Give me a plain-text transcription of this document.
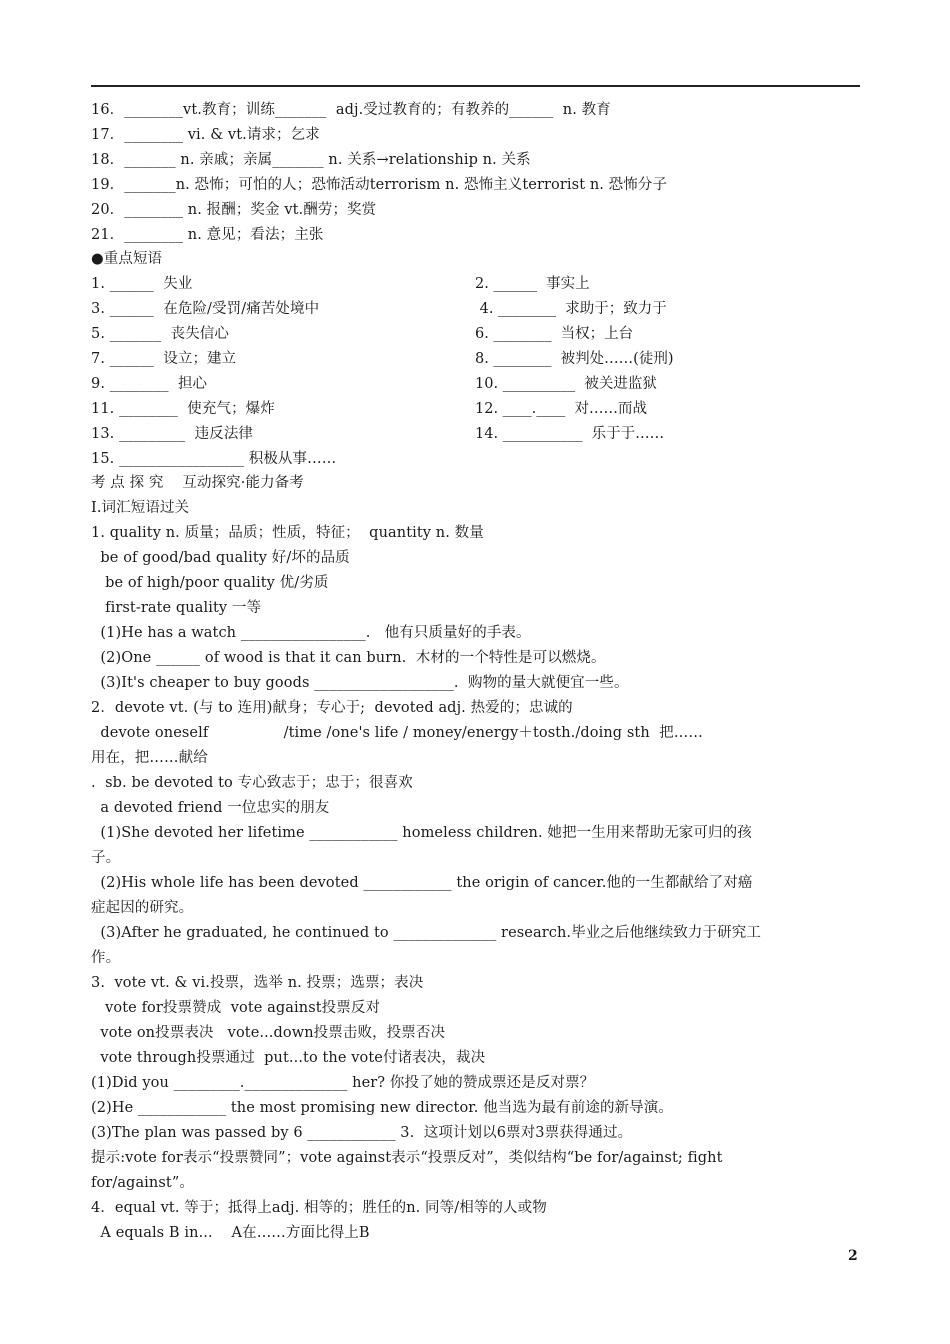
16．________vt.教育；训练_______  adj.受过教育的；有教养的______  n. 教育
17．________ vi. & vt.请求；乞求
18．_______ n. 亲戚；亲属_______ n. 关系→relationship n. 关系
19．_______n. 恐怖；可怕的人；恐怖活动terrorism n. 恐怖主义terrorist n. 恐怖分子
20．________ n. 报酬；奖金 vt.酬劳；奖赏
21．________ n. 意见；看法；主张
●重点短语
1. ______  失业
3. ______  在危险/受罚/痛苦处境中
5. _______  丧失信心
7. ______  设立；建立
9. ________  担心
11. ________  使充气；爆炸
13. _________  违反法律
15. _________________ 积极从事……
2. ______  事实上
4. ________  求助于；致力于
6. ________  当权；上台
8. ________  被判处……(徒刑)
10. __________  被关进监狱
12. ____.____  对……而战
14. ___________  乐于于……
考 点 探 究    互动探究·能力备考
Ⅰ.词汇短语过关
1. quality n. 质量；品质；性质，特征；  quantity n. 数量
be of good/bad quality 好/坏的品质
be of high/poor quality 优/劣质
first-rate quality 一等
(1)He has a watch _________________.   他有只质量好的手表。
(2)One ______ of wood is that it can burn.  木材的一个特性是可以燃烧。
(3)It's cheaper to buy goods ___________________.  购物的量大就便宜一些。
2．devote vt. (与 to 连用)献身；专心于;  devoted adj. 热爱的；忠诚的
devote oneself                /time /one's life / money/energy＋tosth./doing sth  把……
用在，把……献给
.  sb. be devoted to 专心致志于；忠于；很喜欢
a devoted friend 一位忠实的朋友
(1)She devoted her lifetime ____________ homeless children. 她把一生用来帮助无家可归的孩
子。
(2)His whole life has been devoted ____________ the origin of cancer.他的一生都献给了对癌
症起因的研究。
(3)After he graduated, he continued to ______________ research.毕业之后他继续致力于研究工
作。
3.  vote vt. & vi.投票，选举 n. 投票；选票；表决
vote for投票赞成  vote against投票反对
vote on投票表决   vote...down投票击败，投票否决
vote through投票通过  put...to the vote付诸表决，裁决
(1)Did you _________.______________ her? 你投了她的赞成票还是反对票？
(2)He ____________ the most promising new director. 他当选为最有前途的新导演。
(3)The plan was passed by 6 ____________ 3.  这项计划以6票对3票获得通过。
提示:vote for表示“投票赞同”；vote against表示“投票反对”，类似结构“be for/against; fight
for/against”。
4．equal vt. 等于；抵得上adj. 相等的；胜任的n. 同等/相等的人或物
A equals B in...    A在……方面比得上B
2
